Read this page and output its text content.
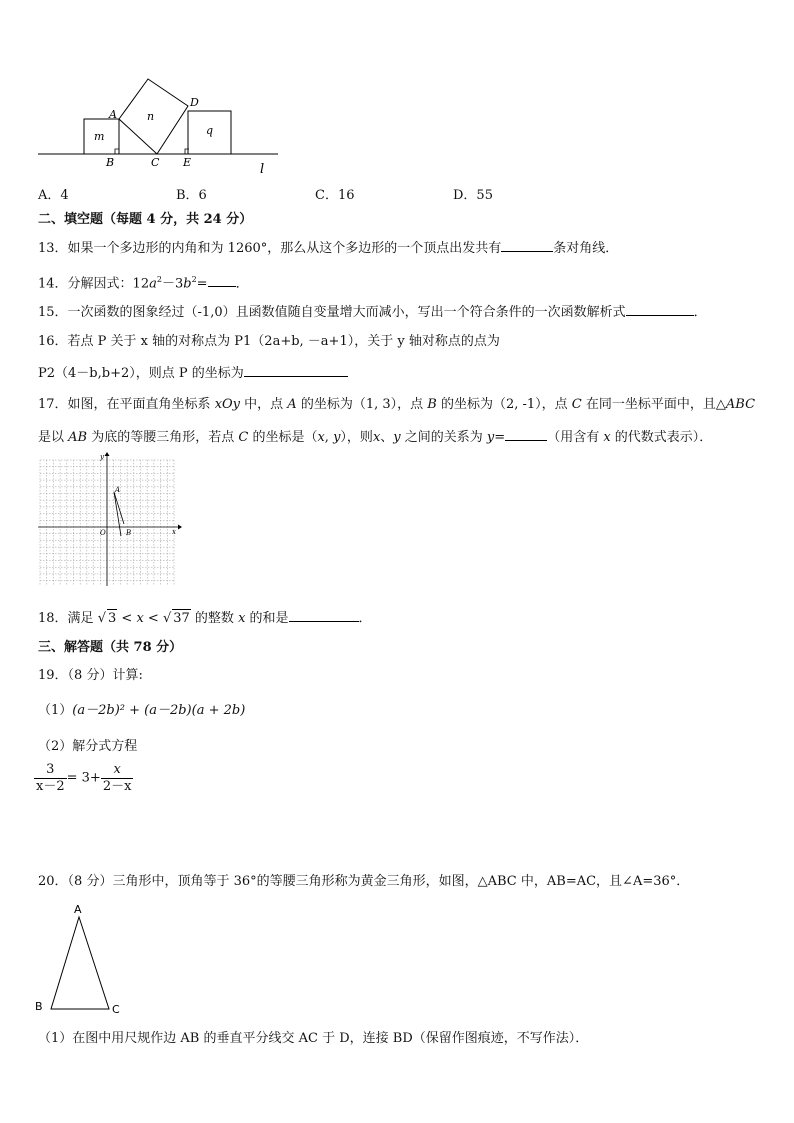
A
B	C
D
E
m
n
q
l
A．4	B．6	C．16	D．55
二、填空题（每题 4 分，共 24 分）
13．如果一个多边形的内角和为 1260°，那么从这个多边形的一个顶点出发共有	条对角线．
14．分解因式：$12a^2-3b^2=$ ．
15．一次函数的图象经过（-1,0）且函数值随自变量增大而减小，写出一个符合条件的一次函数解析式	．
16．若点 P 关于 x 轴的对称点为 P1（2a+b, －a+1），关于 y 轴对称点的点为
P2（4－b,b+2），则点 P 的坐标为
17．如图，在平面直角坐标系 xOy 中，点 A 的坐标为（1, 3），点 B 的坐标为（2, -1），点 C 在同一坐标平面中，且△ABC
是以 AB 为底的等腰三角形，若点 C 的坐标是（x, y），则x、y 之间的关系为 y=	（用含有 x 的代数式表示）．
y
x
O
A
B
18．满足 √ 3 < x < √ 37 的整数 x 的和是	．
三、解答题（共 78 分）
19．（8 分）计算:
（1）(a－2b)² + (a－2b)(a + 2b)
（2）解分式方程
$\frac{3}{x-2} = 3+ \frac{x}{2-x}$
20．（8 分）三角形中，顶角等于 36°的等腰三角形称为黄金三角形，如图，△ABC 中，AB=AC，且∠A=36°．
A
B	C
（1）在图中用尺规作边 AB 的垂直平分线交 AC 于 D，连接 BD（保留作图痕迹，不写作法）．
